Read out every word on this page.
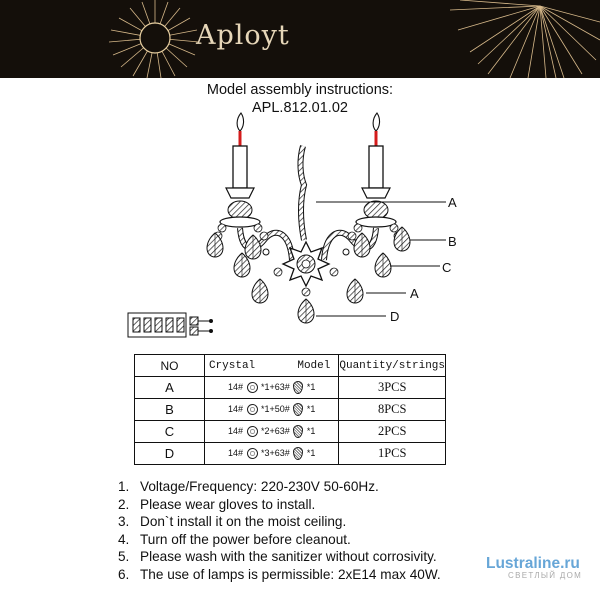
Aployt
Model assembly instructions:
APL.812.01.02
A
B
C
A
D
NO	Crystal Model	Quantity/strings
A	14# *1+63# *1	3PCS
B	14# *1+50# *1	8PCS
C	14# *2+63# *1	2PCS
D	14# *3+63# *1	1PCS
1. Voltage/Frequency: 220-230V 50-60Hz.
2. Please wear gloves to install.
3. Don`t install it on the moist ceiling.
4. Turn off the power before cleanout.
5. Please wash with the sanitizer without corrosivity.
6. The use of lamps is permissible: 2xE14 max 40W.
Lustraline.ru
СВЕТЛЫЙ ДОМ
